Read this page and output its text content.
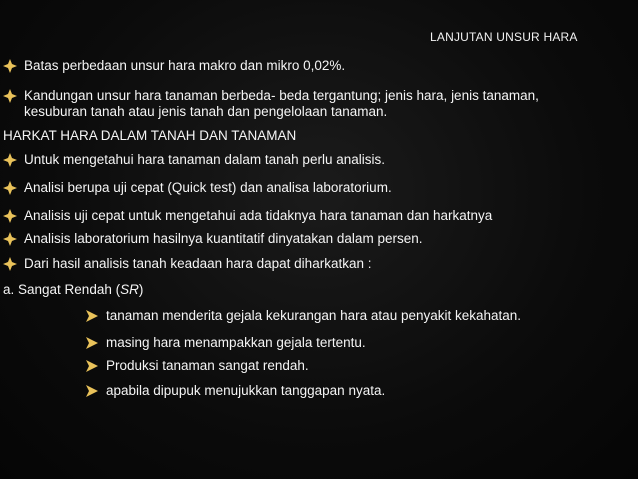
LANJUTAN UNSUR HARA
Batas perbedaan unsur hara makro dan mikro 0,02%.
Kandungan unsur hara tanaman berbeda- beda tergantung; jenis hara, jenis tanaman,
kesuburan tanah atau jenis tanah dan pengelolaan tanaman.
HARKAT HARA DALAM TANAH DAN TANAMAN
Untuk mengetahui hara tanaman dalam tanah perlu analisis.
Analisi berupa uji cepat (Quick test) dan analisa laboratorium.
Analisis uji cepat untuk mengetahui ada tidaknya hara tanaman dan harkatnya
Analisis laboratorium hasilnya kuantitatif dinyatakan dalam persen.
Dari hasil analisis tanah keadaan hara dapat diharkatkan :
a. Sangat Rendah (SR)
tanaman menderita gejala kekurangan hara atau penyakit kekahatan.
masing hara menampakkan gejala tertentu.
Produksi tanaman sangat rendah.
apabila dipupuk menujukkan tanggapan nyata.
